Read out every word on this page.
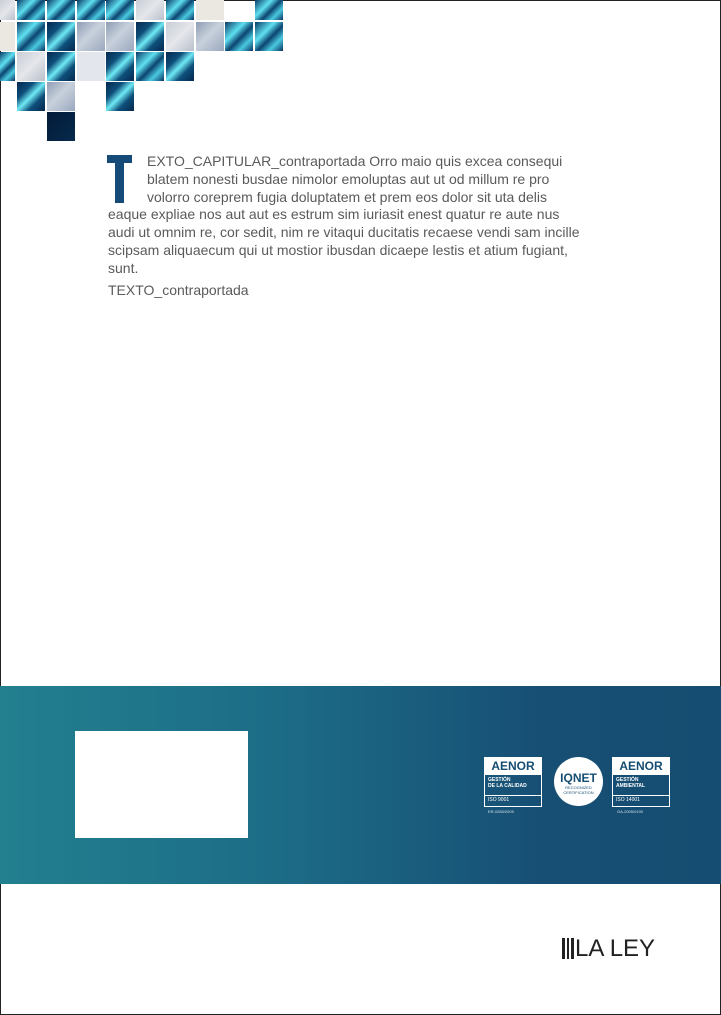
EXTO_CAPITULAR_contraportada Orro maio quis excea consequi
blatem nonesti busdae nimolor emoluptas aut ut od millum re pro
volorro coreprem fugia doluptatem et prem eos dolor sit uta delis
eaque expliae nos aut aut es estrum sim iuriasit enest quatur re aute nus
audi ut omnim re, cor sedit, nim re vitaqui ducitatis recaese vendi sam incille
scipsam aliquaecum qui ut mostior ibusdan dicaepe lestis et atium fugiant,
sunt.
TEXTO_contraportada
AENOR
GESTIÓN
DE LA CALIDAD
ISO 9001
ER-0280/2005
IQNET
RECOGNIZED
CERTIFICATION
AENOR
GESTIÓN
AMBIENTAL
ISO 14001
GA-2005/0100
LA LEY
